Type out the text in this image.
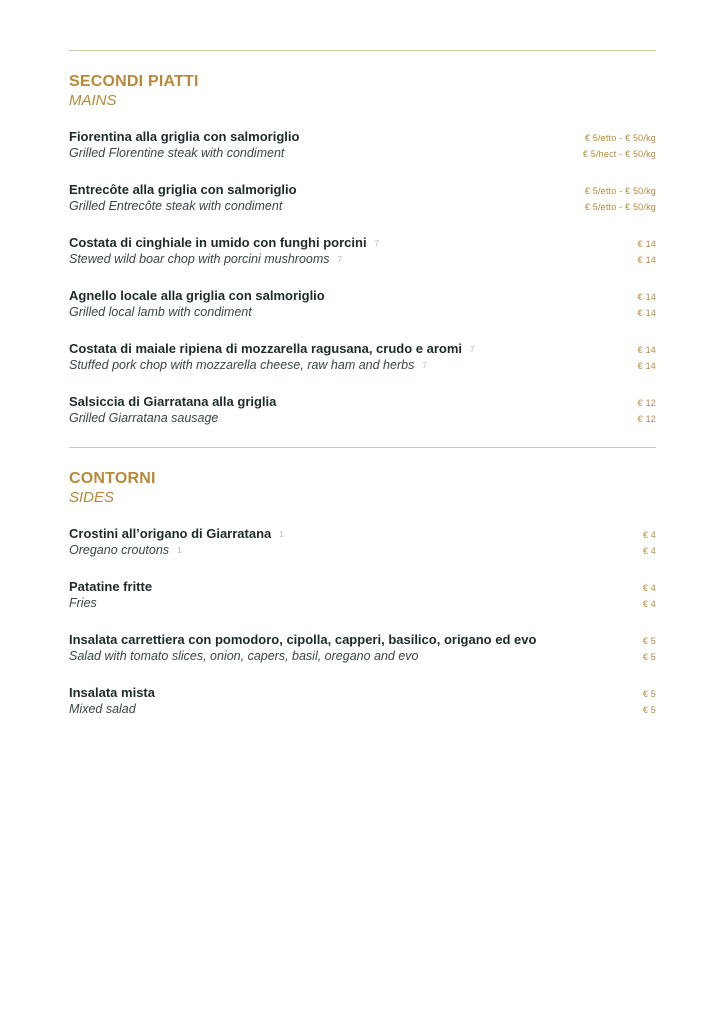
SECONDI PIATTI
MAINS
Fiorentina alla griglia con salmoriglio
Grilled Florentine steak with condiment
€ 5/etto - € 50/kg
€ 5/hect - € 50/kg
Entrecôte alla griglia con salmoriglio
Grilled Entrecôte steak with condiment
€ 5/etto - € 50/kg
€ 5/etto - € 50/kg
Costata di cinghiale in umido con funghi porcini 7
Stewed wild boar chop with porcini mushrooms 7
€ 14
€ 14
Agnello locale alla griglia con salmoriglio
Grilled local lamb with condiment
€ 14
€ 14
Costata di maiale ripiena di mozzarella ragusana, crudo e aromi 7
Stuffed pork chop with mozzarella cheese, raw ham and herbs 7
€ 14
€ 14
Salsiccia di Giarratana alla griglia
Grilled Giarratana sausage
€ 12
€ 12
CONTORNI
SIDES
Crostini all’origano di Giarratana 1
Oregano croutons 1
€ 4
€ 4
Patatine fritte
Fries
€ 4
€ 4
Insalata carrettiera con pomodoro, cipolla, capperi, basilico, origano ed evo
Salad with tomato slices, onion, capers, basil, oregano and evo
€ 5
€ 5
Insalata mista
Mixed salad
€ 5
€ 5
